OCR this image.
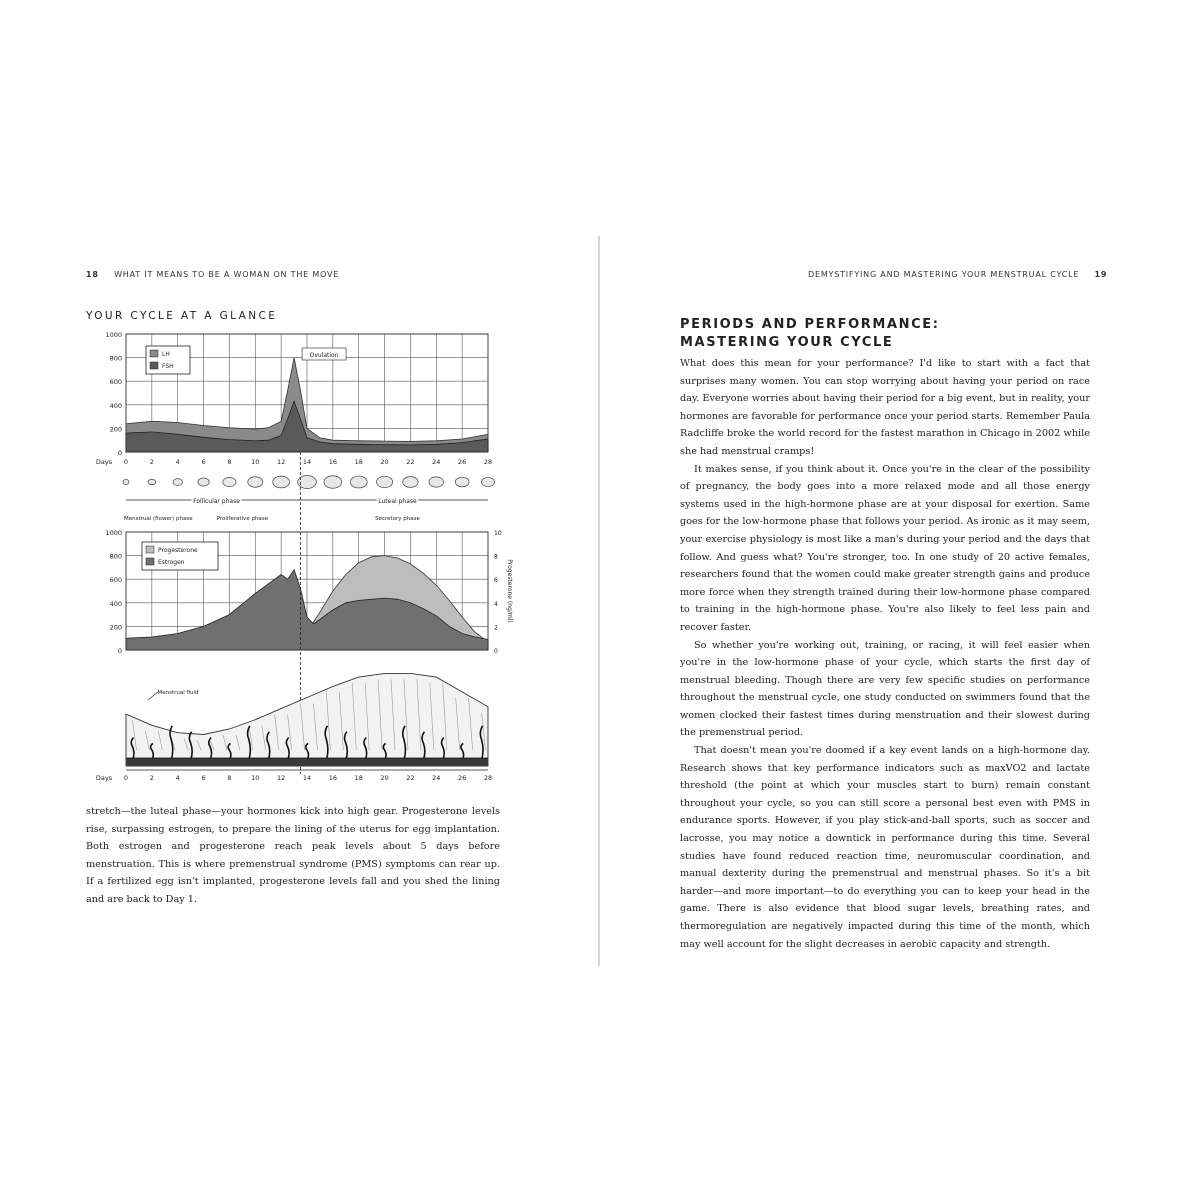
18 WHAT IT MEANS TO BE A WOMAN ON THE MOVE
YOUR CYCLE AT A GLANCE
0
200
400
600
800
1000
LH
FSH
Ovulation
Days 0	2	4	6	8	10	12	14	16	18	20	22	24	26	28
Follicular phase	Luteal phase
Menstrual (flower) phase	Proliferative phase	Secretory phase
0
200
400
600
800
1000
0
2
4
6
8
10
Progesterone (ng/ml)
Progesterone
Estrogen
Menstrual fluid
Days 0	2	4	6	8	10	12	14	16	18	20	22	24	26	28

stretch—the luteal phase—your hormones kick into high gear. Progesterone levels rise, surpassing estrogen, to prepare the lining of the uterus for egg implantation. Both estrogen and progesterone reach peak levels about 5 days before menstruation. This is where premenstrual syndrome (PMS) symptoms can rear up. If a fertilized egg isn't implanted, progesterone levels fall and you shed the lining and are back to Day 1.

DEMYSTIFYING AND MASTERING YOUR MENSTRUAL CYCLE 19
PERIODS AND PERFORMANCE:
MASTERING YOUR CYCLE

What does this mean for your performance? I'd like to start with a fact that surprises many women. You can stop worrying about having your period on race day. Everyone worries about having their period for a big event, but in reality, your hormones are favorable for performance once your period starts. Remember Paula Radcliffe broke the world record for the fastest marathon in Chicago in 2002 while she had menstrual cramps!

It makes sense, if you think about it. Once you're in the clear of the possibility of pregnancy, the body goes into a more relaxed mode and all those energy systems used in the high-hormone phase are at your disposal for exertion. Same goes for the low-hormone phase that follows your period. As ironic as it may seem, your exercise physiology is most like a man's during your period and the days that follow. And guess what? You're stronger, too. In one study of 20 active females, researchers found that the women could make greater strength gains and produce more force when they strength trained during their low-hormone phase compared to training in the high-hormone phase. You're also likely to feel less pain and recover faster.

So whether you're working out, training, or racing, it will feel easier when you're in the low-hormone phase of your cycle, which starts the first day of menstrual bleeding. Though there are very few specific studies on performance throughout the menstrual cycle, one study conducted on swimmers found that the women clocked their fastest times during menstruation and their slowest during the premenstrual period.

That doesn't mean you're doomed if a key event lands on a high-hormone day. Research shows that key performance indicators such as maxVO2 and lactate threshold (the point at which your muscles start to burn) remain constant throughout your cycle, so you can still score a personal best even with PMS in endurance sports. However, if you play stick-and-ball sports, such as soccer and lacrosse, you may notice a downtick in performance during this time. Several studies have found reduced reaction time, neuromuscular coordination, and manual dexterity during the premenstrual and menstrual phases. So it's a bit harder—and more important—to do everything you can to keep your head in the game. There is also evidence that blood sugar levels, breathing rates, and thermoregulation are negatively impacted during this time of the month, which may well account for the slight decreases in aerobic capacity and strength.
